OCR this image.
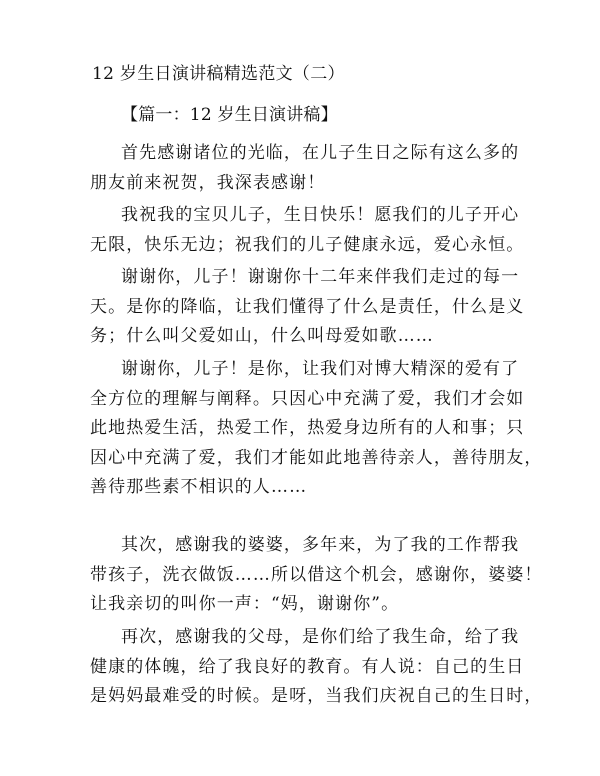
12 岁生日演讲稿精选范文（二）
【篇一：12 岁生日演讲稿】

首先感谢诸位的光临，在儿子生日之际有这么多的
朋友前来祝贺，我深表感谢！

我祝我的宝贝儿子，生日快乐！愿我们的儿子开心
无限，快乐无边；祝我们的儿子健康永远，爱心永恒。

谢谢你，儿子！谢谢你十二年来伴我们走过的每一
天。是你的降临，让我们懂得了什么是责任，什么是义
务；什么叫父爱如山，什么叫母爱如歌……

谢谢你，儿子！是你，让我们对博大精深的爱有了
全方位的理解与阐释。只因心中充满了爱，我们才会如
此地热爱生活，热爱工作，热爱身边所有的人和事；只
因心中充满了爱，我们才能如此地善待亲人，善待朋友，
善待那些素不相识的人……

其次，感谢我的婆婆，多年来，为了我的工作帮我
带孩子，洗衣做饭……所以借这个机会，感谢你，婆婆！
让我亲切的叫你一声：“妈，谢谢你”。

再次，感谢我的父母，是你们给了我生命，给了我
健康的体魄，给了我良好的教育。有人说：自己的生日
是妈妈最难受的时候。是呀，当我们庆祝自己的生日时，
